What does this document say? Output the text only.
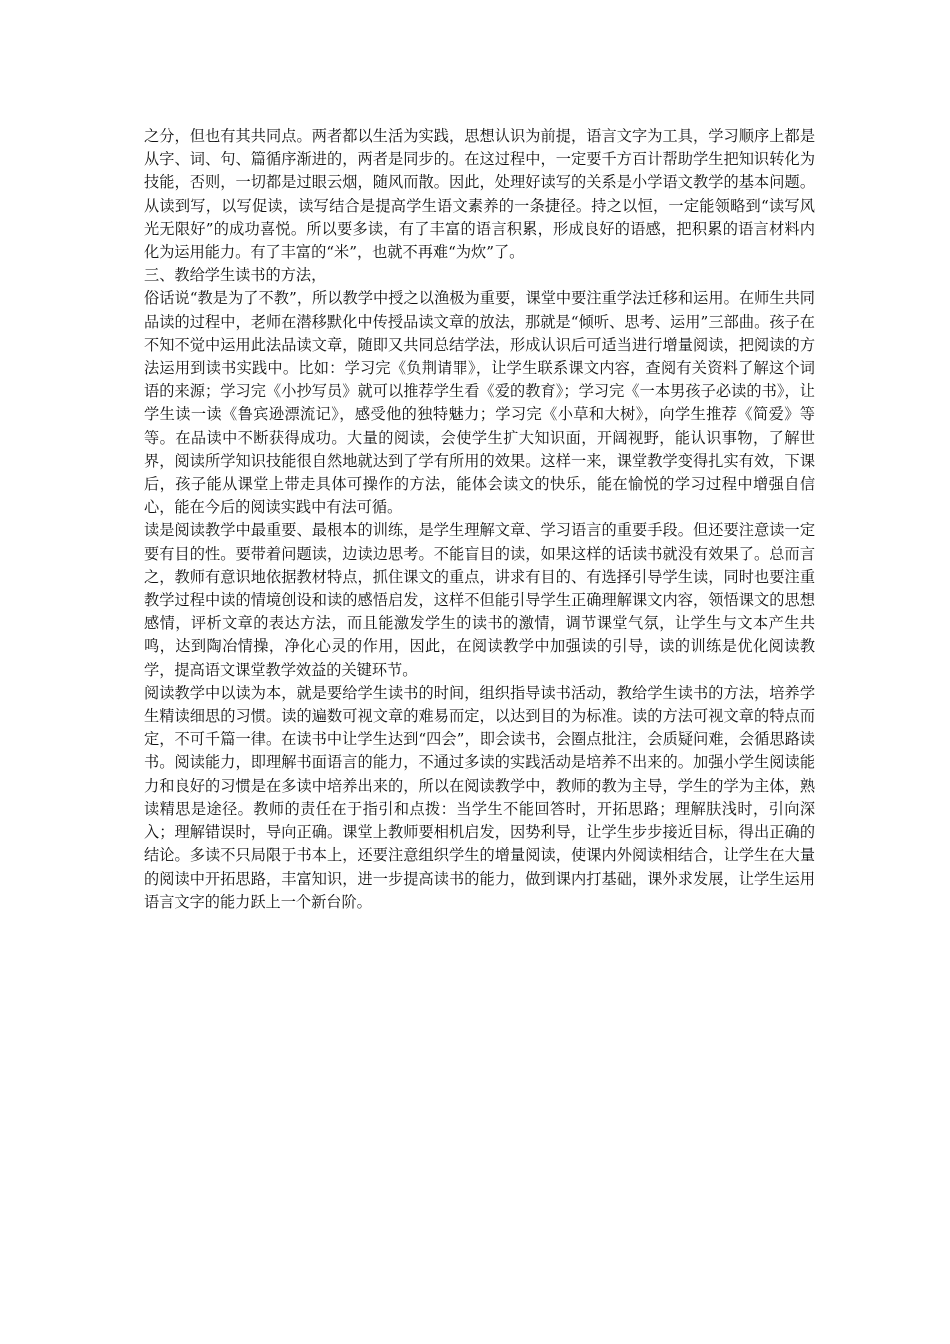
之分，但也有其共同点。两者都以生活为实践，思想认识为前提，语言文字为工具，学习顺序上都是从字、词、句、篇循序渐进的，两者是同步的。在这过程中，一定要千方百计帮助学生把知识转化为技能，否则，一切都是过眼云烟，随风而散。因此，处理好读写的关系是小学语文教学的基本问题。从读到写，以写促读，读写结合是提高学生语文素养的一条捷径。持之以恒，一定能领略到“读写风光无限好”的成功喜悦。所以要多读，有了丰富的语言积累，形成良好的语感，把积累的语言材料内化为运用能力。有了丰富的“米”，也就不再难“为炊”了。

三、教给学生读书的方法，

俗话说“教是为了不教”，所以教学中授之以渔极为重要，课堂中要注重学法迁移和运用。在师生共同品读的过程中，老师在潜移默化中传授品读文章的放法，那就是“倾听、思考、运用”三部曲。孩子在不知不觉中运用此法品读文章，随即又共同总结学法，形成认识后可适当进行增量阅读，把阅读的方法运用到读书实践中。比如：学习完《负荆请罪》，让学生联系课文内容，查阅有关资料了解这个词语的来源；学习完《小抄写员》就可以推荐学生看《爱的教育》；学习完《一本男孩子必读的书》，让学生读一读《鲁宾逊漂流记》，感受他的独特魅力；学习完《小草和大树》，向学生推荐《简爱》等等。在品读中不断获得成功。大量的阅读，会使学生扩大知识面，开阔视野，能认识事物，了解世界，阅读所学知识技能很自然地就达到了学有所用的效果。这样一来，课堂教学变得扎实有效，下课后，孩子能从课堂上带走具体可操作的方法，能体会读文的快乐，能在愉悦的学习过程中增强自信心，能在今后的阅读实践中有法可循。

读是阅读教学中最重要、最根本的训练，是学生理解文章、学习语言的重要手段。但还要注意读一定要有目的性。要带着问题读，边读边思考。不能盲目的读，如果这样的话读书就没有效果了。总而言之，教师有意识地依据教材特点，抓住课文的重点，讲求有目的、有选择引导学生读，同时也要注重教学过程中读的情境创设和读的感悟启发，这样不但能引导学生正确理解课文内容，领悟课文的思想感情，评析文章的表达方法，而且能激发学生的读书的激情，调节课堂气氛，让学生与文本产生共鸣，达到陶冶情操，净化心灵的作用，因此，在阅读教学中加强读的引导，读的训练是优化阅读教学，提高语文课堂教学效益的关键环节。

阅读教学中以读为本，就是要给学生读书的时间，组织指导读书活动，教给学生读书的方法，培养学生精读细思的习惯。读的遍数可视文章的难易而定，以达到目的为标准。读的方法可视文章的特点而定，不可千篇一律。在读书中让学生达到“四会”，即会读书，会圈点批注，会质疑问难，会循思路读书。阅读能力，即理解书面语言的能力，不通过多读的实践活动是培养不出来的。加强小学生阅读能力和良好的习惯是在多读中培养出来的，所以在阅读教学中，教师的教为主导，学生的学为主体，熟读精思是途径。教师的责任在于指引和点拨：当学生不能回答时，开拓思路；理解肤浅时，引向深入；理解错误时，导向正确。课堂上教师要相机启发，因势利导，让学生步步接近目标，得出正确的结论。多读不只局限于书本上，还要注意组织学生的增量阅读，使课内外阅读相结合，让学生在大量的阅读中开拓思路，丰富知识，进一步提高读书的能力，做到课内打基础，课外求发展，让学生运用语言文字的能力跃上一个新台阶。
